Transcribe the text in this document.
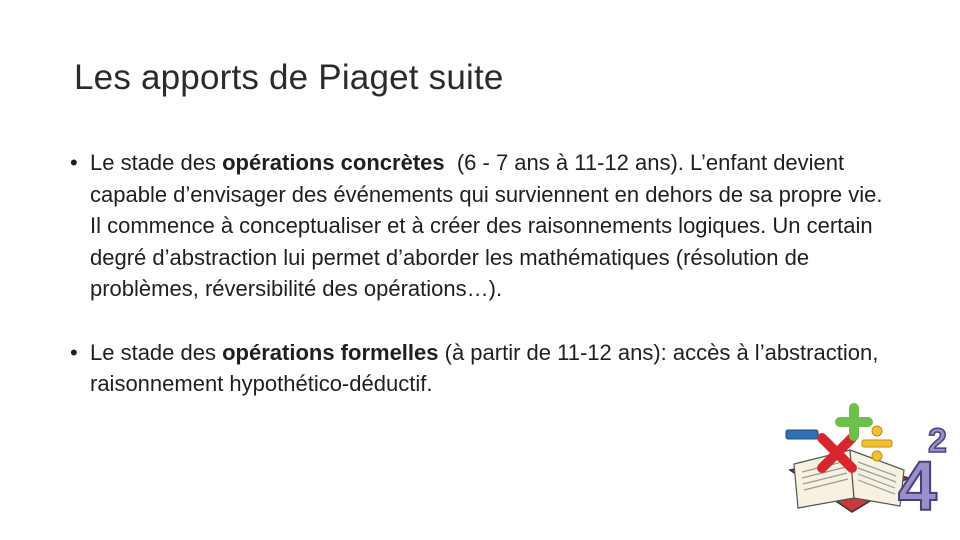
Les apports de Piaget suite
• Le stade des opérations concrètes  (6 - 7 ans à 11-12 ans). L’enfant devient capable d’envisager des événements qui surviennent en dehors de sa propre vie. Il commence à conceptualiser et à créer des raisonnements logiques. Un certain degré d’abstraction lui permet d’aborder les mathématiques (résolution de problèmes, réversibilité des opérations…).
• Le stade des opérations formelles (à partir de 11-12 ans): accès à l’abstraction, raisonnement hypothético-déductif.
4
2
